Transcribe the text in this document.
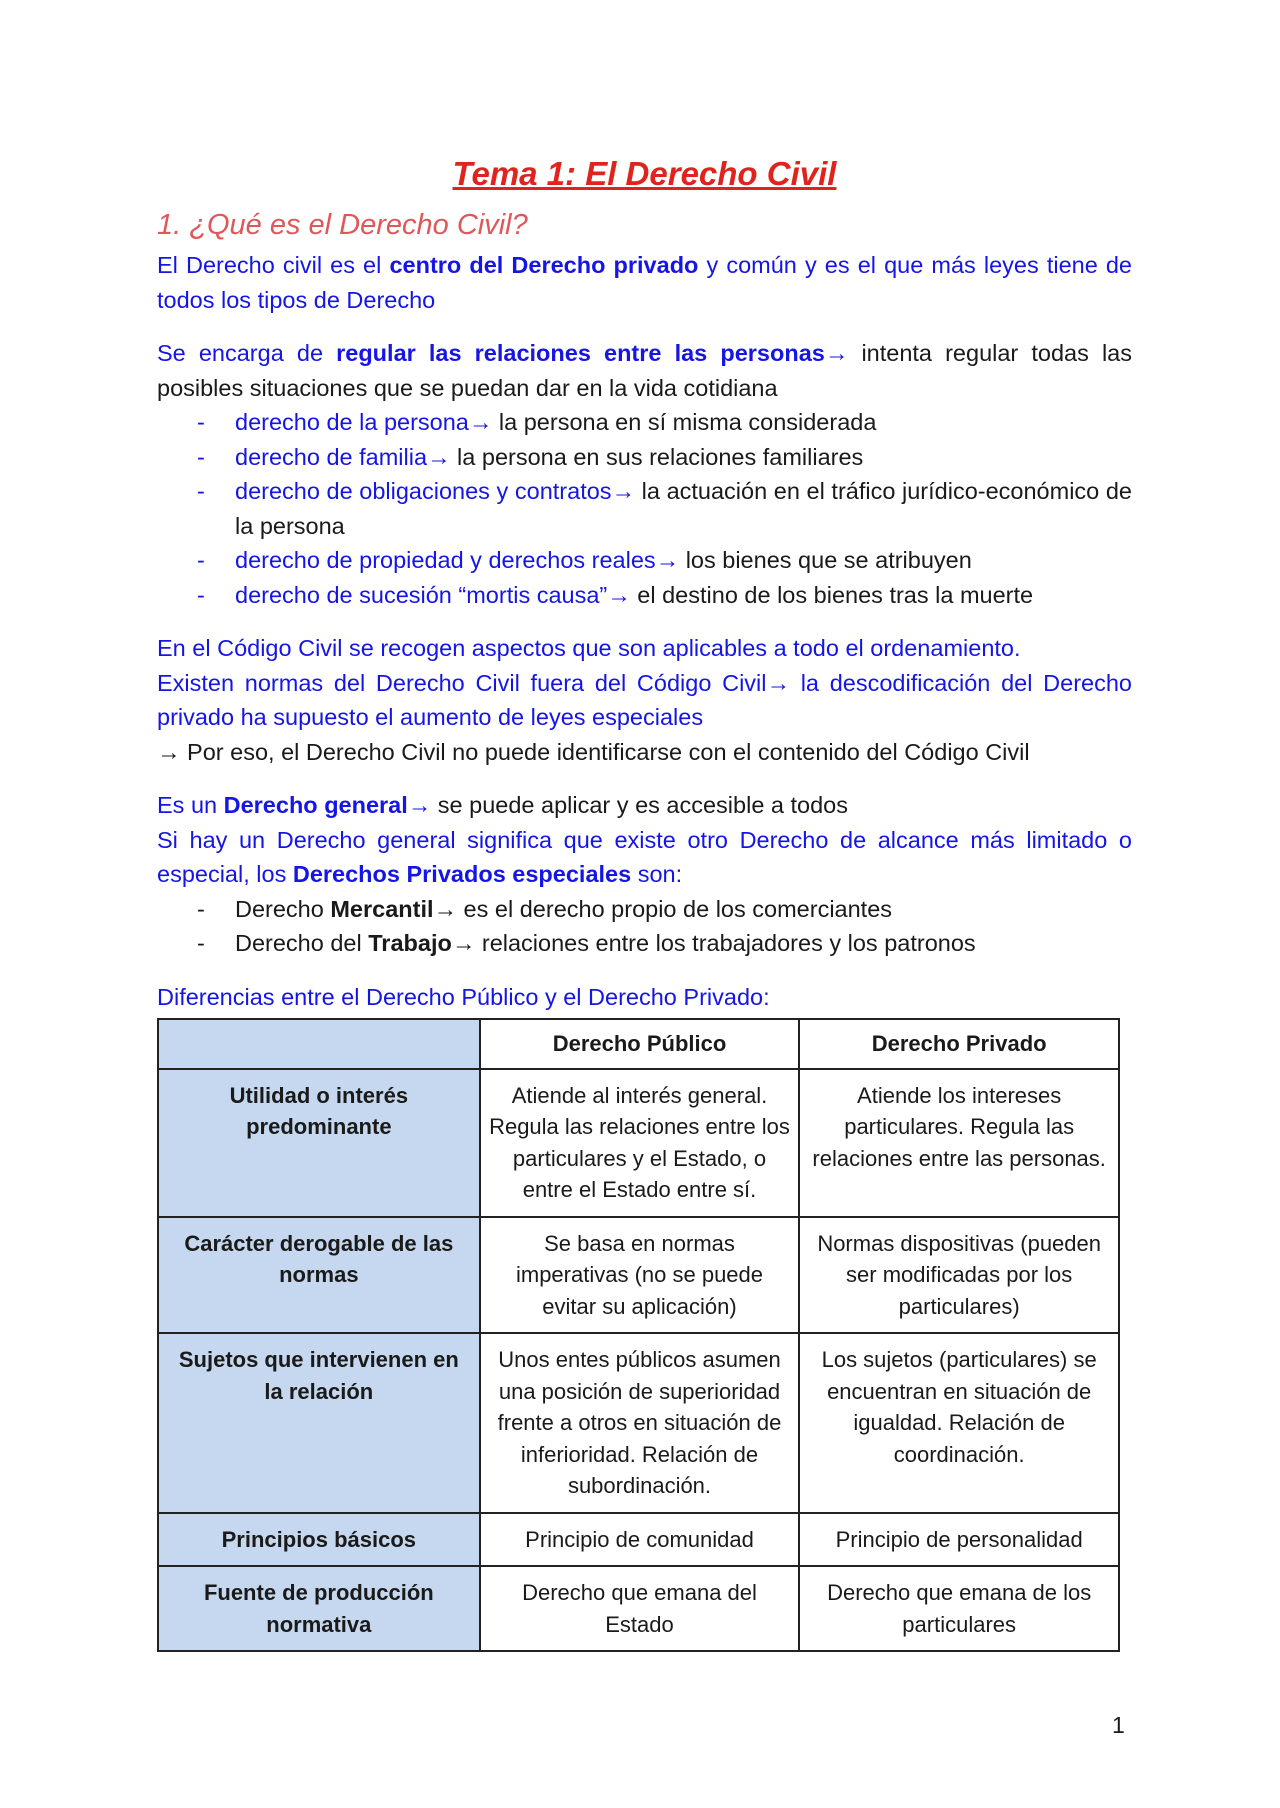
Tema 1: El Derecho Civil
1. ¿Qué es el Derecho Civil?

El Derecho civil es el centro del Derecho privado y común y es el que más leyes tiene de todos los tipos de Derecho

Se encarga de regular las relaciones entre las personas→ intenta regular todas las posibles situaciones que se puedan dar en la vida cotidiana

- derecho de la persona→ la persona en sí misma considerada
- derecho de familia→ la persona en sus relaciones familiares
- derecho de obligaciones y contratos→ la actuación en el tráfico jurídico-económico de la persona
- derecho de propiedad y derechos reales→ los bienes que se atribuyen
- derecho de sucesión “mortis causa”→ el destino de los bienes tras la muerte

En el Código Civil se recogen aspectos que son aplicables a todo el ordenamiento.

Existen normas del Derecho Civil fuera del Código Civil→ la descodificación del Derecho privado ha supuesto el aumento de leyes especiales

→ Por eso, el Derecho Civil no puede identificarse con el contenido del Código Civil

Es un Derecho general→ se puede aplicar y es accesible a todos

Si hay un Derecho general significa que existe otro Derecho de alcance más limitado o especial, los Derechos Privados especiales son:

- Derecho Mercantil→ es el derecho propio de los comerciantes
- Derecho del Trabajo→ relaciones entre los trabajadores y los patronos

Diferencias entre el Derecho Público y el Derecho Privado:

	Derecho Público	Derecho Privado
Utilidad o interés predominante	Atiende al interés general. Regula las relaciones entre los particulares y el Estado, o entre el Estado entre sí.	Atiende los intereses particulares. Regula las relaciones entre las personas.
Carácter derogable de las normas	Se basa en normas imperativas (no se puede evitar su aplicación)	Normas dispositivas (pueden ser modificadas por los particulares)
Sujetos que intervienen en la relación	Unos entes públicos asumen una posición de superioridad frente a otros en situación de inferioridad. Relación de subordinación.	Los sujetos (particulares) se encuentran en situación de igualdad. Relación de coordinación.
Principios básicos	Principio de comunidad	Principio de personalidad
Fuente de producción normativa	Derecho que emana del Estado	Derecho que emana de los particulares
1
